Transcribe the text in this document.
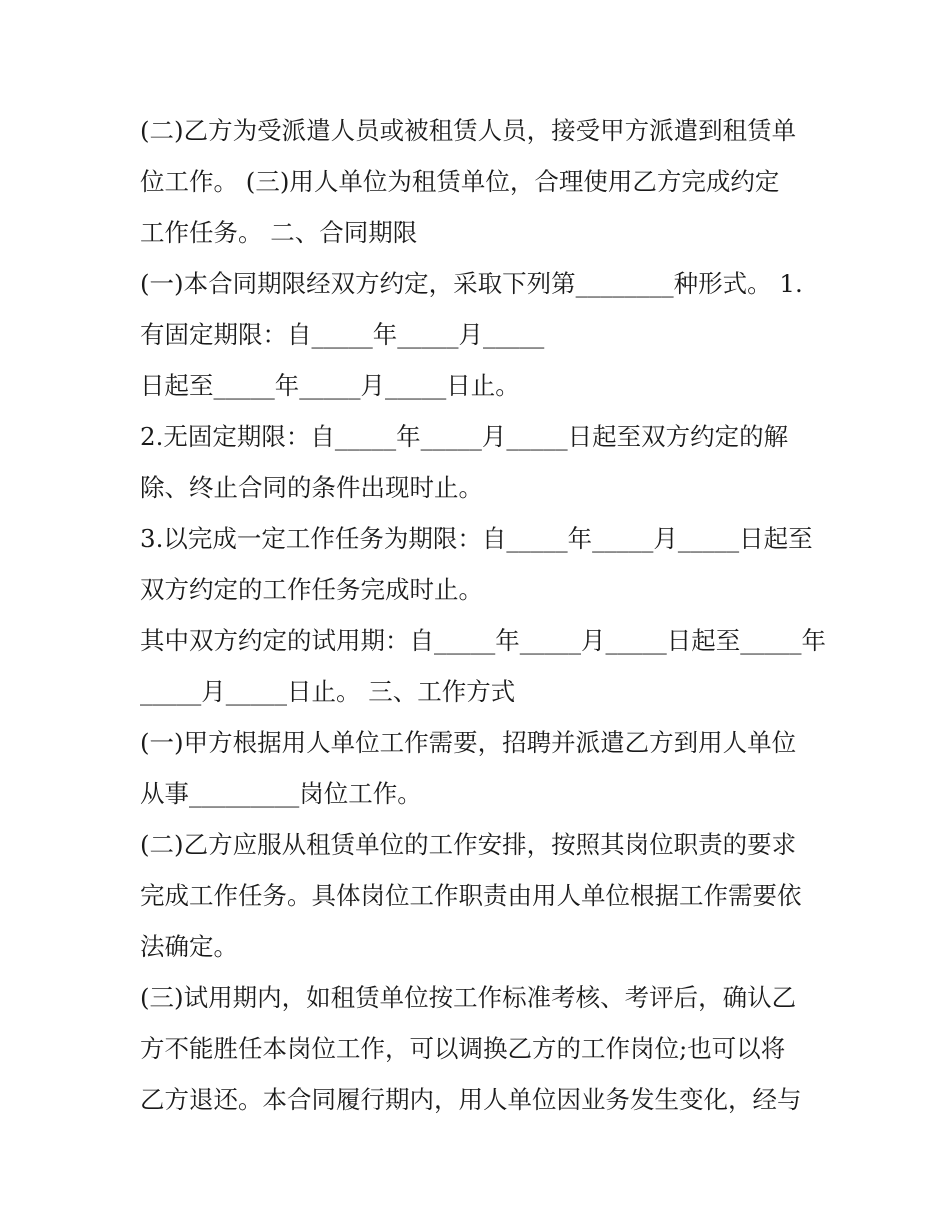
(二)乙方为受派遣人员或被租赁人员，接受甲方派遣到租赁单
位工作。 (三)用人单位为租赁单位，合理使用乙方完成约定
工作任务。 二、合同期限
(一)本合同期限经双方约定，采取下列第________种形式。 1.
有固定期限：自_____年_____月_____
日起至_____年_____月_____日止。
2.无固定期限：自_____年_____月_____日起至双方约定的解
除、终止合同的条件出现时止。
3.以完成一定工作任务为期限：自_____年_____月_____日起至
双方约定的工作任务完成时止。
其中双方约定的试用期：自_____年_____月_____日起至_____年
_____月_____日止。 三、工作方式
(一)甲方根据用人单位工作需要，招聘并派遣乙方到用人单位
从事_________岗位工作。
(二)乙方应服从租赁单位的工作安排，按照其岗位职责的要求
完成工作任务。具体岗位工作职责由用人单位根据工作需要依
法确定。
(三)试用期内，如租赁单位按工作标准考核、考评后，确认乙
方不能胜任本岗位工作，可以调换乙方的工作岗位;也可以将
乙方退还。本合同履行期内，用人单位因业务发生变化，经与
